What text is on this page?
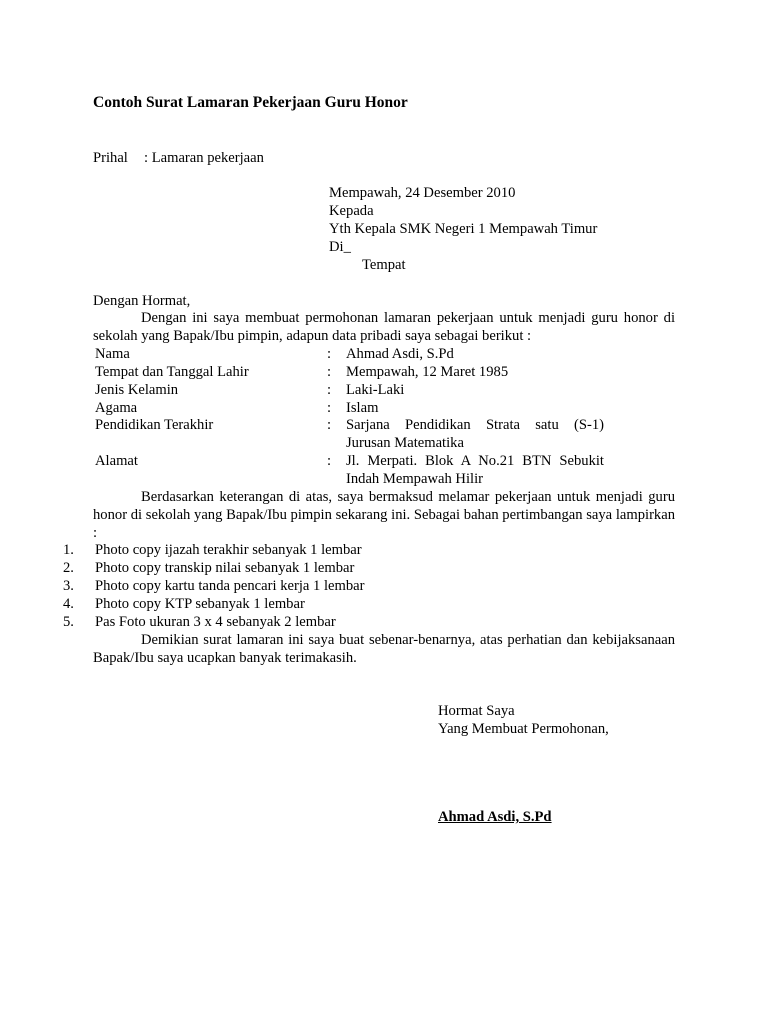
Contoh Surat Lamaran Pekerjaan Guru Honor
Prihal : Lamaran pekerjaan
Mempawah, 24 Desember 2010
Kepada
Yth Kepala SMK Negeri 1 Mempawah Timur
Di_
Tempat
Dengan Hormat,
Dengan ini saya membuat permohonan lamaran pekerjaan untuk menjadi guru honor di sekolah yang Bapak/Ibu pimpin, adapun data pribadi saya sebagai berikut :
Nama	: Ahmad Asdi, S.Pd
Tempat dan Tanggal Lahir	: Mempawah, 12 Maret 1985
Jenis Kelamin	: Laki-Laki
Agama	: Islam
Pendidikan Terakhir	: Sarjana Pendidikan Strata satu (S-1) Jurusan Matematika
Alamat	: Jl. Merpati. Blok A No.21 BTN Sebukit Indah Mempawah Hilir
Berdasarkan keterangan di atas, saya bermaksud melamar pekerjaan untuk menjadi guru honor di sekolah yang Bapak/Ibu pimpin sekarang ini. Sebagai bahan pertimbangan saya lampirkan :
1. Photo copy ijazah terakhir sebanyak 1 lembar
2. Photo copy transkip nilai sebanyak 1 lembar
3. Photo copy kartu tanda pencari kerja 1 lembar
4. Photo copy KTP sebanyak 1 lembar
5. Pas Foto ukuran 3 x 4 sebanyak 2 lembar
Demikian surat lamaran ini saya buat sebenar-benarnya, atas perhatian dan kebijaksanaan Bapak/Ibu saya ucapkan banyak terimakasih.
Hormat Saya
Yang Membuat Permohonan,
Ahmad Asdi, S.Pd
